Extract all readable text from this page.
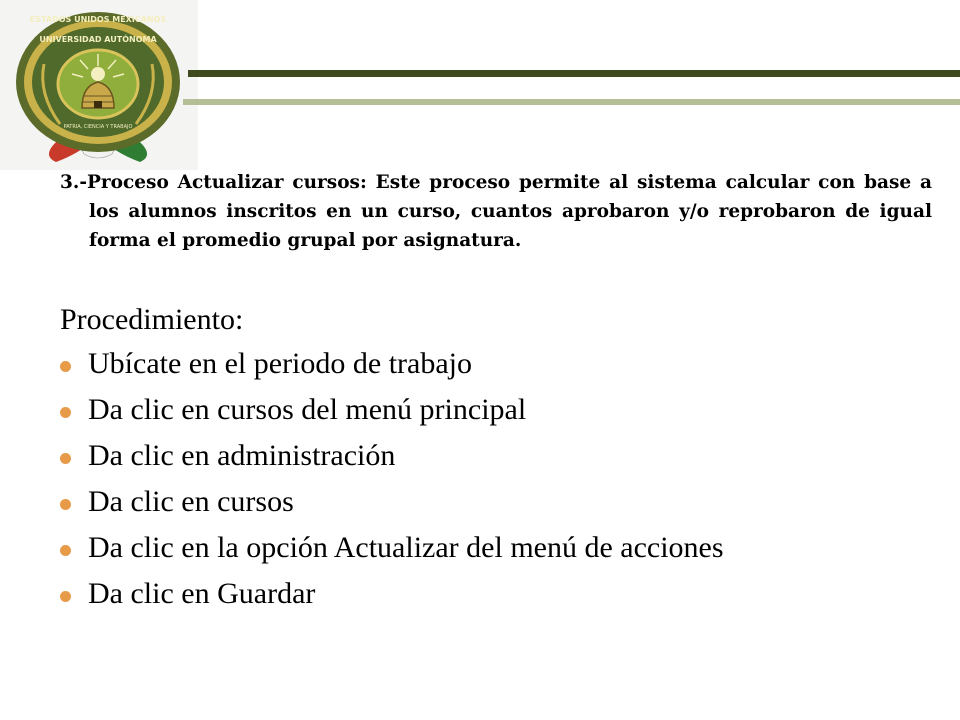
ESTADOS UNIDOS MEXICANOS
UNIVERSIDAD AUTÓNOMA
PATRIA, CIENCIA Y TRABAJO

3.-Proceso Actualizar cursos: Este proceso permite al sistema calcular con base a los alumnos inscritos en un curso, cuantos aprobaron y/o reprobaron de igual forma el promedio grupal por asignatura.

Procedimiento:
Ubícate en el periodo de trabajo
Da clic en cursos del menú principal
Da clic en administración
Da clic en cursos
Da clic en la opción Actualizar del menú de acciones
Da clic en Guardar
